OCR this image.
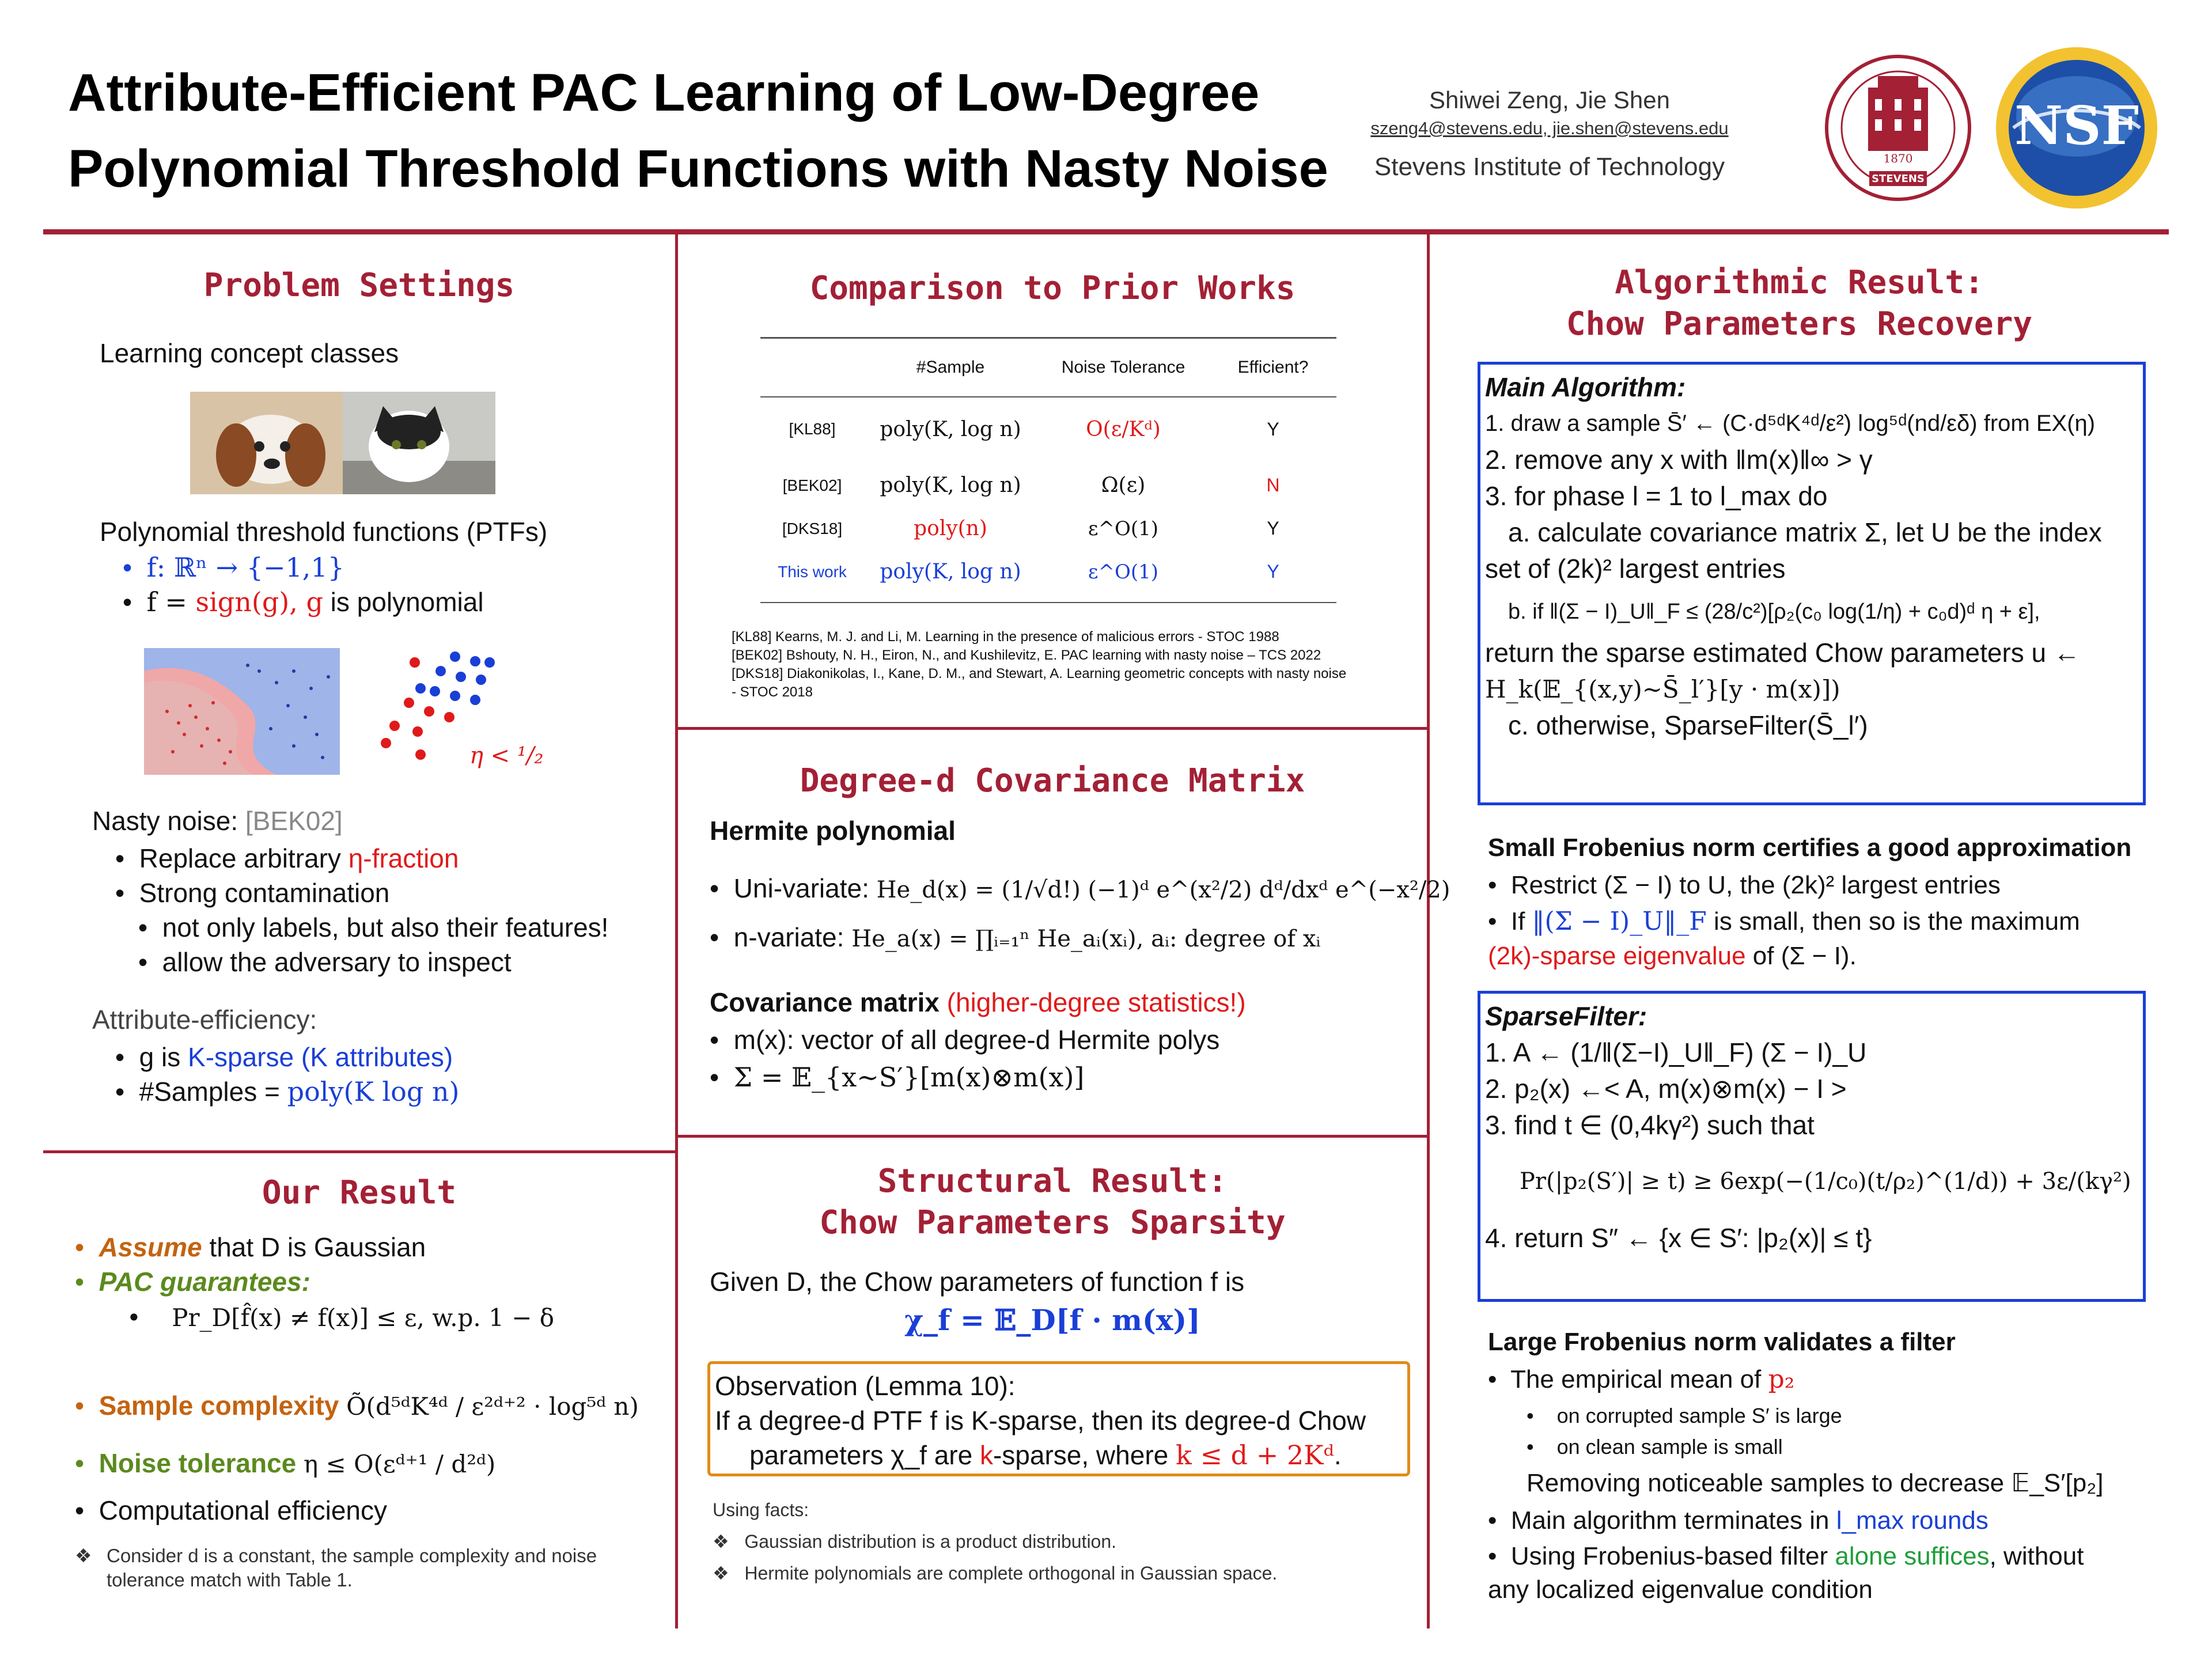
Attribute-Efficient PAC Learning of Low-Degree
Polynomial Threshold Functions with Nasty Noise
Shiwei Zeng, Jie Shen
szeng4@stevens.edu, jie.shen@stevens.edu
Stevens Institute of Technology	1870
STEVENS
NSF
Problem Settings
Learning concept classes
Polynomial threshold functions (PTFs)
• f: ℝⁿ → {−1,1}
•  f = sign(g), g is polynomial
η < ¹/₂
Nasty noise: [BEK02]
•  Replace arbitrary η-fraction
•  Strong contamination
•  not only labels, but also their features!
•  allow the adversary to inspect
Attribute-efficiency:
•  g is K-sparse (K attributes)
•  #Samples = poly(K log n)
Our Result
• Assume that D is Gaussian
• PAC guarantees:
•    Pr_D[f̂(x) ≠ f(x)] ≤ ε, w.p. 1 − δ
• Sample complexity Õ(d⁵ᵈK⁴ᵈ / ε²ᵈ⁺² · log⁵ᵈ n)
• Noise tolerance η ≤ O(εᵈ⁺¹ / d²ᵈ)
•  Computational efficiency
❖ Consider d is a constant, the sample complexity and noise tolerance match with Table 1.
Comparison to Prior Works
	#Sample	Noise Tolerance	Efficient?
[KL88]	poly(K, log n)	O(ε/Kᵈ)	Y
[BEK02]	poly(K, log n)	Ω(ε)	N
[DKS18]	poly(n)	ε^O(1)	Y
This work	poly(K, log n)	ε^O(1)	Y
[KL88] Kearns, M. J. and Li, M. Learning in the presence of malicious errors - STOC 1988
[BEK02] Bshouty, N. H., Eiron, N., and Kushilevitz, E. PAC learning with nasty noise – TCS 2022
[DKS18] Diakonikolas, I., Kane, D. M., and Stewart, A. Learning geometric concepts with nasty noise - STOC 2018
Degree-d Covariance Matrix
Hermite polynomial
•  Uni-variate: He_d(x) = (1/√d!) (−1)ᵈ e^(x²/2) dᵈ/dxᵈ e^(−x²/2)
•  n-variate: He_a(x) = ∏ᵢ₌₁ⁿ He_aᵢ(xᵢ), aᵢ: degree of xᵢ
Covariance matrix (higher-degree statistics!)
•  m(x): vector of all degree-d Hermite polys
•  Σ = 𝔼_{x∼S′}[m(x)⊗m(x)]
Structural Result:
Chow Parameters Sparsity
Given D, the Chow parameters of function f is
χ_f = 𝔼_D[f · m(x)]
Observation (Lemma 10):
If a degree-d PTF f is K-sparse, then its degree-d Chow
parameters χ_f are k-sparse, where k ≤ d + 2Kᵈ.
Using facts:
❖   Gaussian distribution is a product distribution.
❖   Hermite polynomials are complete orthogonal in Gaussian space.
Algorithmic Result:
Chow Parameters Recovery
Main Algorithm:
1. draw a sample S̄′ ← (C·d⁵ᵈK⁴ᵈ/ε²) log⁵ᵈ(nd/εδ) from EX(η)
2. remove any x with ‖m(x)‖∞ > γ
3. for phase l = 1 to l_max do
a. calculate covariance matrix Σ, let U be the index
set of (2k)² largest entries
b. if ‖(Σ − I)_U‖_F ≤ (28/c²)[ρ₂(c₀ log(1/η) + c₀d)ᵈ η + ε],
return the sparse estimated Chow parameters u ←
H_k(𝔼_{(x,y)∼S̄_l′}[y · m(x)])
c. otherwise, SparseFilter(S̄_l′)
Small Frobenius norm certifies a good approximation
•  Restrict (Σ − I) to U, the (2k)² largest entries
•  If ‖(Σ − I)_U‖_F is small, then so is the maximum
(2k)-sparse eigenvalue of (Σ − I).
SparseFilter:
1. A ← (1/‖(Σ−I)_U‖_F) (Σ − I)_U
2. p₂(x) ←< A, m(x)⊗m(x) − I >
3. find t ∈ (0,4kγ²) such that
Pr(|p₂(S′)| ≥ t) ≥ 6exp(−(1/c₀)(t/ρ₂)^(1/d)) + 3ε/(kγ²)
4. return S″ ← {x ∈ S′: |p₂(x)| ≤ t}
Large Frobenius norm validates a filter
•  The empirical mean of p₂
•    on corrupted sample S′ is large
•    on clean sample is small
Removing noticeable samples to decrease 𝔼_S′[p₂]
•  Main algorithm terminates in l_max rounds
•  Using Frobenius-based filter alone suffices, without
any localized eigenvalue condition
